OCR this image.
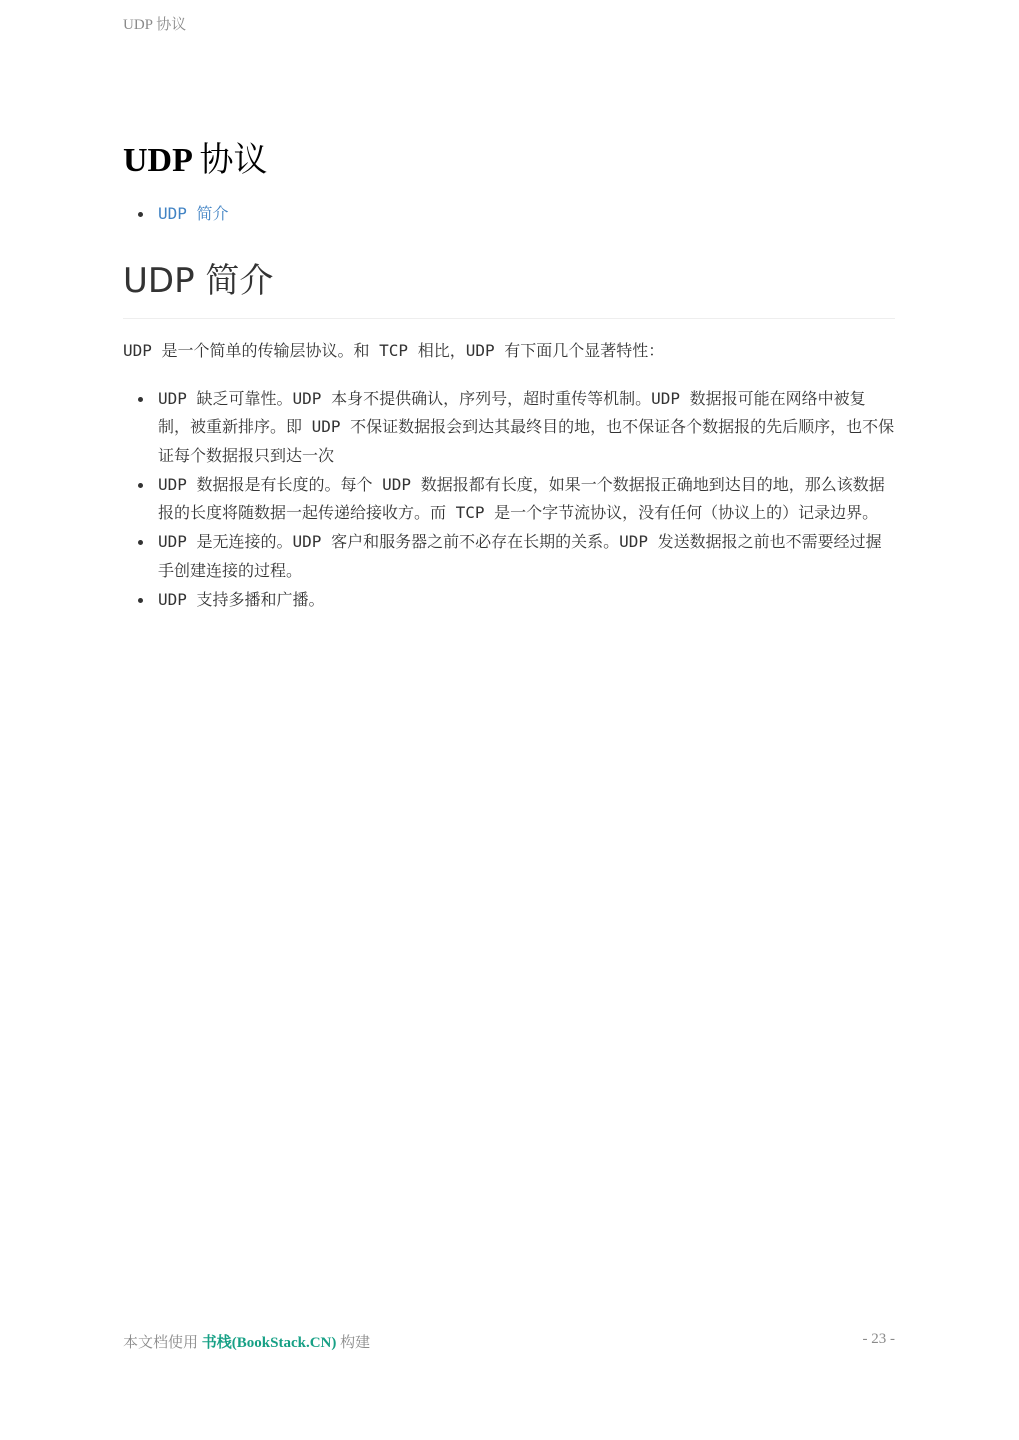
UDP 协议
UDP 协议
UDP 简介
UDP 简介

UDP 是一个简单的传输层协议。和 TCP 相比，UDP 有下面几个显著特性：

UDP 缺乏可靠性。UDP 本身不提供确认，序列号，超时重传等机制。UDP 数据报可能在网络中被复制，被重新排序。即 UDP 不保证数据报会到达其最终目的地，也不保证各个数据报的先后顺序，也不保证每个数据报只到达一次
UDP 数据报是有长度的。每个 UDP 数据报都有长度，如果一个数据报正确地到达目的地，那么该数据报的长度将随数据一起传递给接收方。而 TCP 是一个字节流协议，没有任何（协议上的）记录边界。
UDP 是无连接的。UDP 客户和服务器之前不必存在长期的关系。UDP 发送数据报之前也不需要经过握手创建连接的过程。
UDP 支持多播和广播。
本文档使用 书栈(BookStack.CN) 构建	- 23 -
